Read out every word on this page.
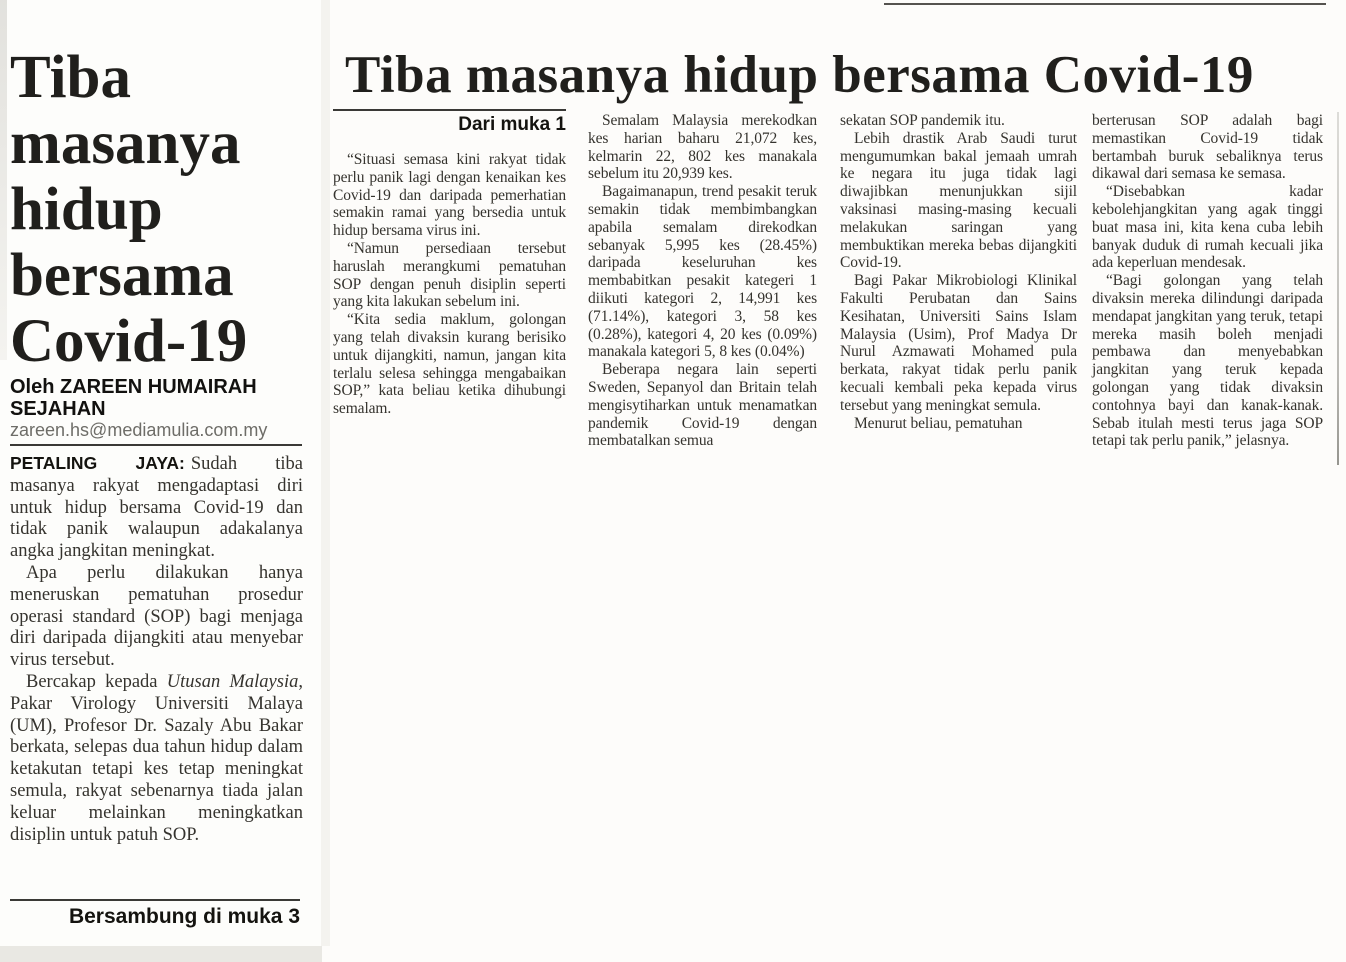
Tiba masanya hidup bersama Covid-19
Oleh ZAREEN HUMAIRAH SEJAHAN
zareen.hs@mediamulia.com.my

PETALING JAYA: Sudah tiba masanya rakyat mengadaptasi diri untuk hidup bersama Covid-19 dan tidak panik walaupun adakalanya angka jangkitan meningkat.

Apa perlu dilakukan hanya meneruskan pematuhan prosedur operasi standard (SOP) bagi menjaga diri daripada dijangkiti atau menyebar virus tersebut.

Bercakap kepada Utusan Malaysia, Pakar Virology Universiti Malaya (UM), Profesor Dr. Sazaly Abu Bakar berkata, selepas dua tahun hidup dalam ketakutan tetapi kes tetap meningkat semula, rakyat sebenarnya tiada jalan keluar melainkan meningkatkan disiplin untuk patuh SOP.

Bersambung di muka 3
Tiba masanya hidup bersama Covid-19
Dari muka 1

“Situasi semasa kini rakyat tidak perlu panik lagi dengan kenaikan kes Covid-19 dan daripada pemerhatian semakin ramai yang bersedia untuk hidup bersama virus ini.

“Namun persediaan tersebut haruslah merangkumi pematuhan SOP dengan penuh disiplin seperti yang kita lakukan sebelum ini.

“Kita sedia maklum, golongan yang telah divaksin kurang berisiko untuk dijangkiti, namun, jangan kita terlalu selesa sehingga mengabaikan SOP,” kata beliau ketika dihubungi semalam.

Semalam Malaysia merekodkan kes harian baharu 21,072 kes, kelmarin 22, 802 kes manakala sebelum itu 20,939 kes.

Bagaimanapun, trend pesakit teruk semakin tidak membimbangkan apabila semalam direkodkan sebanyak 5,995 kes (28.45%) daripada keseluruhan kes membabitkan pesakit kategeri 1 diikuti kategori 2, 14,991 kes (71.14%), kategori 3, 58 kes (0.28%), kategori 4, 20 kes (0.09%) manakala kategori 5, 8 kes (0.04%)

Beberapa negara lain seperti Sweden, Sepanyol dan Britain telah mengisytiharkan untuk menamatkan pandemik Covid-19 dengan membatalkan semua

sekatan SOP pandemik itu.

Lebih drastik Arab Saudi turut mengumumkan bakal jemaah umrah ke negara itu juga tidak lagi diwajibkan menunjukkan sijil vaksinasi masing-masing kecuali melakukan saringan yang membuktikan mereka bebas dijangkiti Covid-19.

Bagi Pakar Mikrobiologi Klinikal Fakulti Perubatan dan Sains Kesihatan, Universiti Sains Islam Malaysia (Usim), Prof Madya Dr Nurul Azmawati Mohamed pula berkata, rakyat tidak perlu panik kecuali kembali peka kepada virus tersebut yang meningkat semula.

Menurut beliau, pematuhan

berterusan SOP adalah bagi memastikan Covid-19 tidak bertambah buruk sebaliknya terus dikawal dari semasa ke semasa.

“Disebabkan kadar kebolehjangkitan yang agak tinggi buat masa ini, kita kena cuba lebih banyak duduk di rumah kecuali jika ada keperluan mendesak.

“Bagi golongan yang telah divaksin mereka dilindungi daripada mendapat jangkitan yang teruk, tetapi mereka masih boleh menjadi pembawa dan menyebabkan jangkitan yang teruk kepada golongan yang tidak divaksin contohnya bayi dan kanak-kanak. Sebab itulah mesti terus jaga SOP tetapi tak perlu panik,” jelasnya.
